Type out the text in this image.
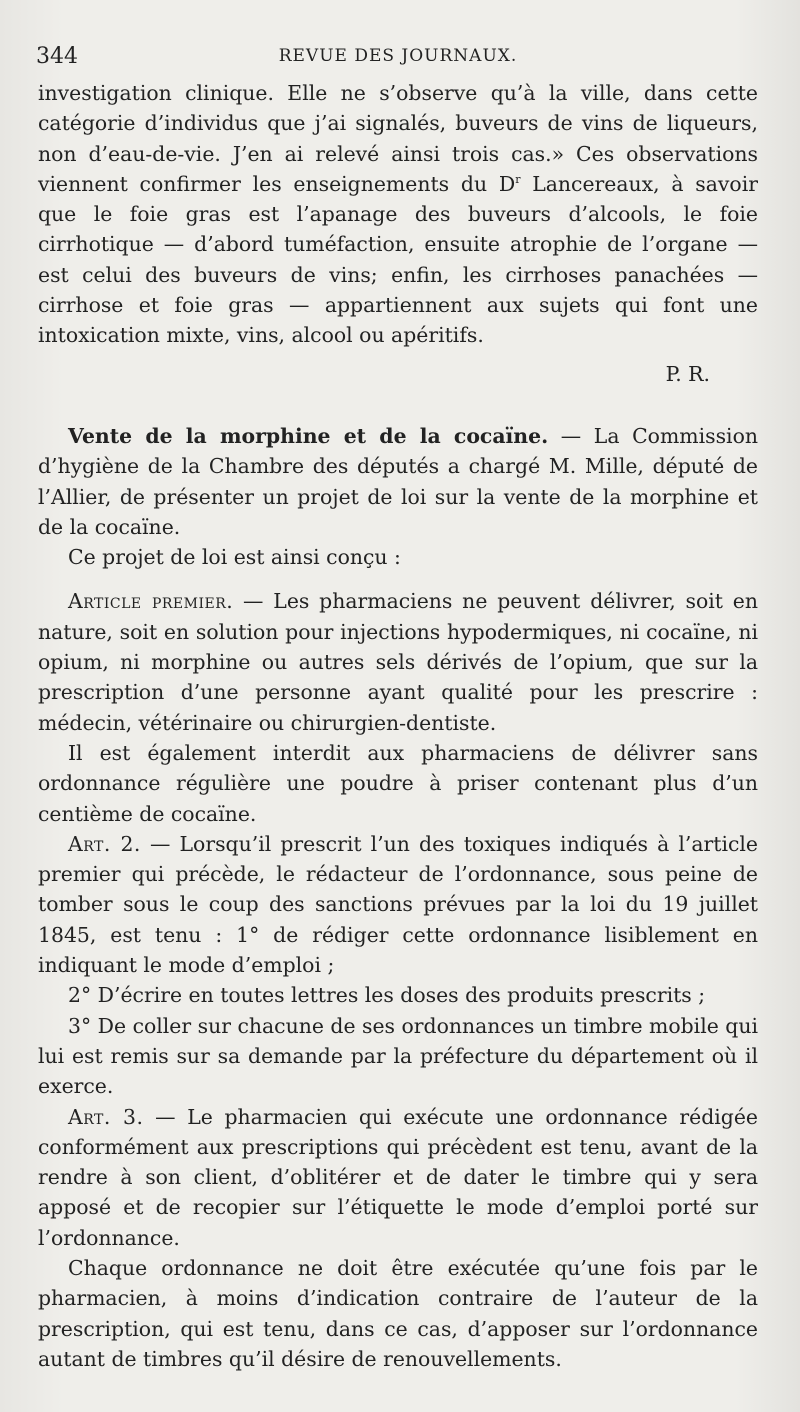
344	REVUE DES JOURNAUX.

investigation clinique. Elle ne s’observe qu’à la ville, dans cette catégorie d’individus que j’ai signalés, buveurs de vins de liqueurs, non d’eau-de-vie. J’en ai relevé ainsi trois cas.» Ces observations viennent confirmer les enseignements du $D^r$ Lancereaux, à savoir que le foie gras est l’apanage des buveurs d’alcools, le foie cirrhotique — d’abord tuméfaction, ensuite atrophie de l’organe — est celui des buveurs de vins; enfin, les cirrhoses panachées — cirrhose et foie gras — appartiennent aux sujets qui font une intoxication mixte, vins, alcool ou apéritifs.

P. R.

Vente de la morphine et de la cocaïne. — La Commission d’hygiène de la Chambre des députés a chargé M. Mille, député de l’Allier, de présenter un projet de loi sur la vente de la morphine et de la cocaïne.

Ce projet de loi est ainsi conçu :

Article premier. — Les pharmaciens ne peuvent délivrer, soit en nature, soit en solution pour injections hypodermiques, ni cocaïne, ni opium, ni morphine ou autres sels dérivés de l’opium, que sur la prescription d’une personne ayant qualité pour les prescrire : médecin, vétérinaire ou chirurgien-dentiste.

Il est également interdit aux pharmaciens de délivrer sans ordonnance régulière une poudre à priser contenant plus d’un centième de cocaïne.

Art. 2. — Lorsqu’il prescrit l’un des toxiques indiqués à l’article premier qui précède, le rédacteur de l’ordonnance, sous peine de tomber sous le coup des sanctions prévues par la loi du 19 juillet 1845, est tenu : 1° de rédiger cette ordonnance lisiblement en indiquant le mode d’emploi ;

2° D’écrire en toutes lettres les doses des produits prescrits ;

3° De coller sur chacune de ses ordonnances un timbre mobile qui lui est remis sur sa demande par la préfecture du département où il exerce.

Art. 3. — Le pharmacien qui exécute une ordonnance rédigée conformément aux prescriptions qui précèdent est tenu, avant de la rendre à son client, d’oblitérer et de dater le timbre qui y sera apposé et de recopier sur l’étiquette le mode d’emploi porté sur l’ordonnance.

Chaque ordonnance ne doit être exécutée qu’une fois par le pharmacien, à moins d’indication contraire de l’auteur de la prescription, qui est tenu, dans ce cas, d’apposer sur l’ordonnance autant de timbres qu’il désire de renouvellements.
